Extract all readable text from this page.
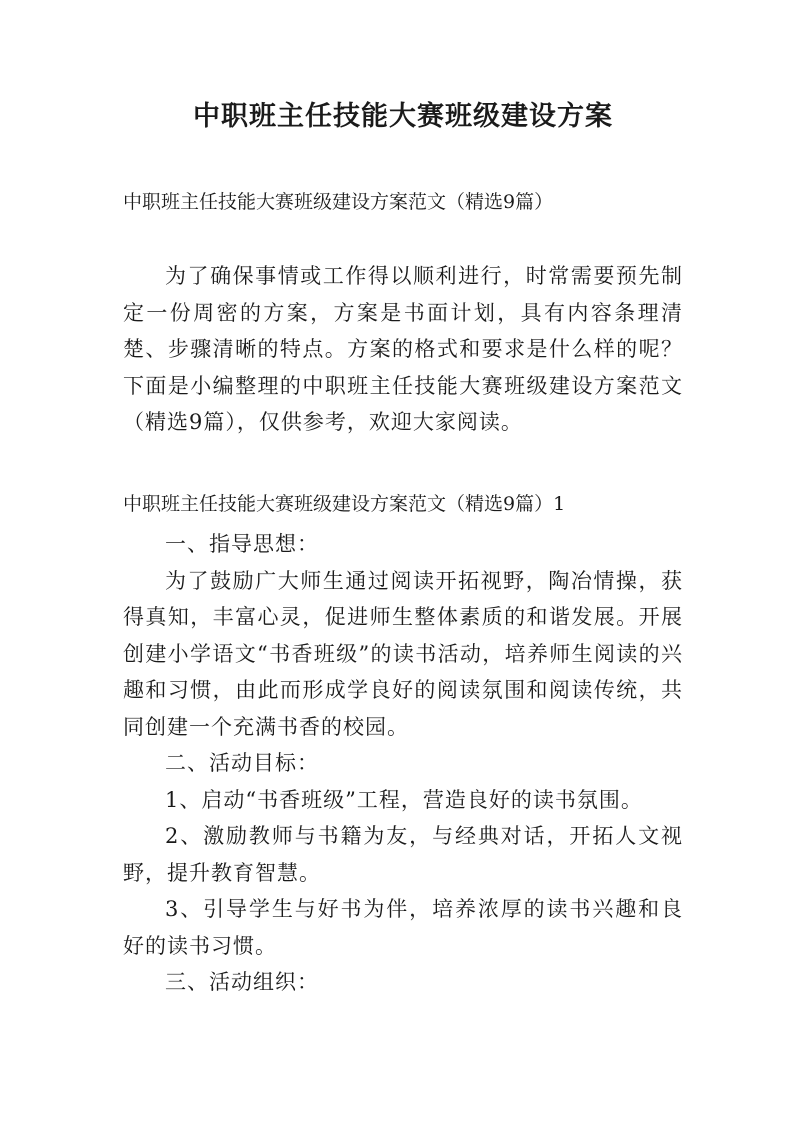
中职班主任技能大赛班级建设方案

中职班主任技能大赛班级建设方案范文（精选9篇）

为了确保事情或工作得以顺利进行，时常需要预先制定一份周密的方案，方案是书面计划，具有内容条理清楚、步骤清晰的特点。方案的格式和要求是什么样的呢？下面是小编整理的中职班主任技能大赛班级建设方案范文（精选9篇），仅供参考，欢迎大家阅读。

中职班主任技能大赛班级建设方案范文（精选9篇）1

一、指导思想：

为了鼓励广大师生通过阅读开拓视野，陶冶情操，获得真知，丰富心灵，促进师生整体素质的和谐发展。开展创建小学语文“书香班级”的读书活动，培养师生阅读的兴趣和习惯，由此而形成学良好的阅读氛围和阅读传统，共同创建一个充满书香的校园。

二、活动目标：

1、启动“书香班级”工程，营造良好的读书氛围。

2、激励教师与书籍为友，与经典对话，开拓人文视野，提升教育智慧。

3、引导学生与好书为伴，培养浓厚的读书兴趣和良好的读书习惯。

三、活动组织：
